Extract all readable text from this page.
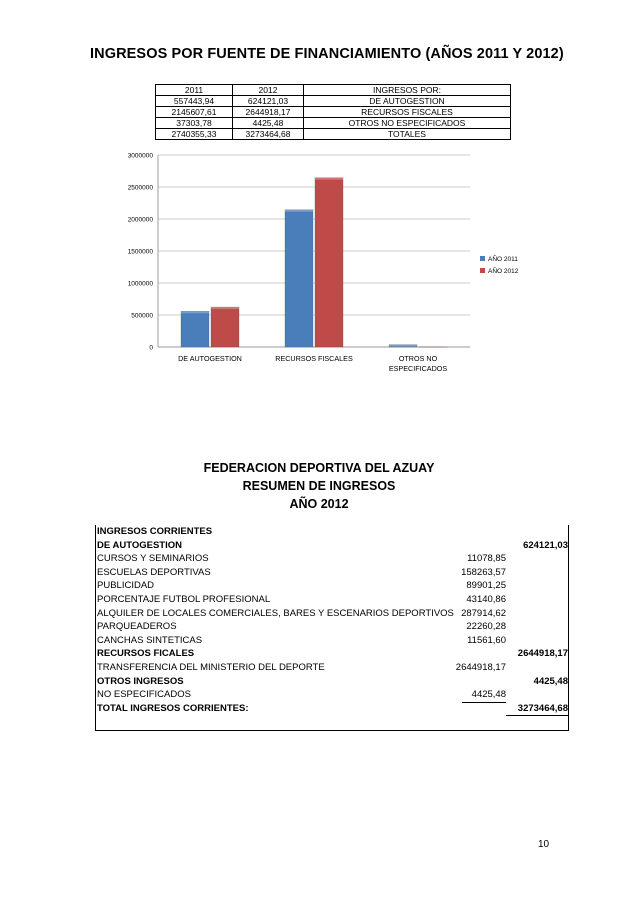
INGRESOS POR FUENTE DE FINANCIAMIENTO (AÑOS 2011 Y 2012)
2011	2012	INGRESOS POR:
557443,94	624121,03	DE AUTOGESTION
2145607,61	2644918,17	RECURSOS FISCALES
37303,78	4425,48	OTROS NO ESPECIFICADOS
2740355,33	3273464,68	TOTALES
0
500000
1000000
1500000
2000000
2500000
3000000
DE AUTOGESTION	RECURSOS FISCALES	OTROS NO
ESPECIFICADOS
AÑO 2011
AÑO 2012
FEDERACION DEPORTIVA DEL AZUAY
RESUMEN DE INGRESOS
AÑO 2012
INGRESOS CORRIENTES
DE AUTOGESTION	624121,03
CURSOS Y SEMINARIOS	11078,85
ESCUELAS DEPORTIVAS	158263,57
PUBLICIDAD	89901,25
PORCENTAJE FUTBOL PROFESIONAL	43140,86
ALQUILER DE LOCALES COMERCIALES, BARES Y ESCENARIOS DEPORTIVOS 287914,62
PARQUEADEROS	22260,28
CANCHAS SINTETICAS	11561,60
RECURSOS FICALES	2644918,17
TRANSFERENCIA DEL MINISTERIO DEL DEPORTE	2644918,17
OTROS INGRESOS	4425,48
NO ESPECIFICADOS	4425,48
TOTAL INGRESOS CORRIENTES:	3273464,68
10
